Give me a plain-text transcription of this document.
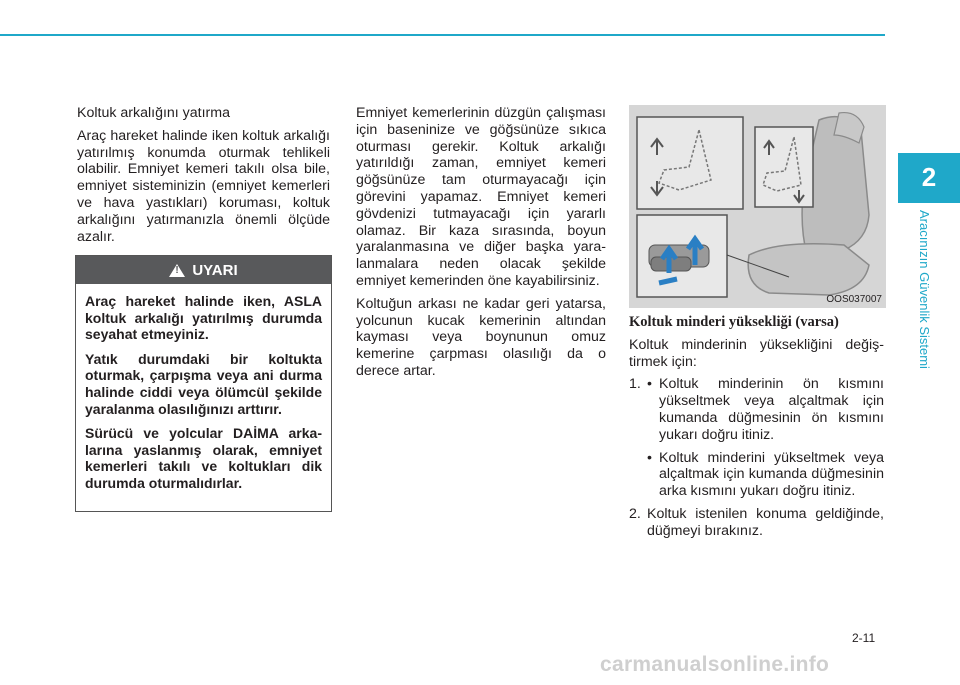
2
Aracınızın Güvenlik Sistemi

Koltuk arkalığını yatırma

Araç hareket halinde iken koltuk arkalığı yatırılmış konumda oturmak tehlikeli olabilir. Emniyet kemeri takılı olsa bile, emniyet sisteminizin (emniyet kemerleri ve hava yastıkları) koruması, koltuk arkalığını yatırmanızla önemli ölçüde azalır.

!
UYARI

Araç hareket halinde iken, ASLA koltuk arkalığı yatırılmış durumda seyahat etmeyiniz.

Yatık durumdaki bir koltukta oturmak, çarpışma veya ani durma halinde ciddi veya ölümcül şekilde yaralanma olasılığınızı arttırır.

Sürücü ve yolcular DAİMA arkalarına yaslanmış olarak, emniyet kemerleri takılı ve koltukları dik durumda oturmalıdırlar.

Emniyet kemerlerinin düzgün çalışması için baseninize ve göğsünüze sıkıca oturması gerekir. Koltuk arkalığı yatırıldığı zaman, emniyet kemeri göğsünüze tam oturmayacağı için görevini yapamaz. Emniyet kemeri gövdenizi tutmayacağı için yararlı olamaz. Bir kaza sırasında, boyun yaralanmasına ve diğer başka yaralanmalara neden olacak şekilde emniyet kemerinden öne kayabilirsiniz.

Koltuğun arkası ne kadar geri yatarsa, yolcunun kucak kemerinin altından kayması veya boynunun omuz kemerine çarpması olasılığı da o derece artar.

OOS037007

Koltuk minderi yüksekliği (varsa)

Koltuk minderinin yüksekliğini değiştirmek için:

1. • Koltuk minderinin ön kısmını yükseltmek veya alçaltmak için kumanda düğmesinin ön kısmını yukarı doğru itiniz.
• Koltuk minderini yükseltmek veya alçaltmak için kumanda düğmesinin arka kısmını yukarı doğru itiniz.
2. Koltuk istenilen konuma geldiğinde, düğmeyi bırakınız.
2-11
carmanualsonline.info
